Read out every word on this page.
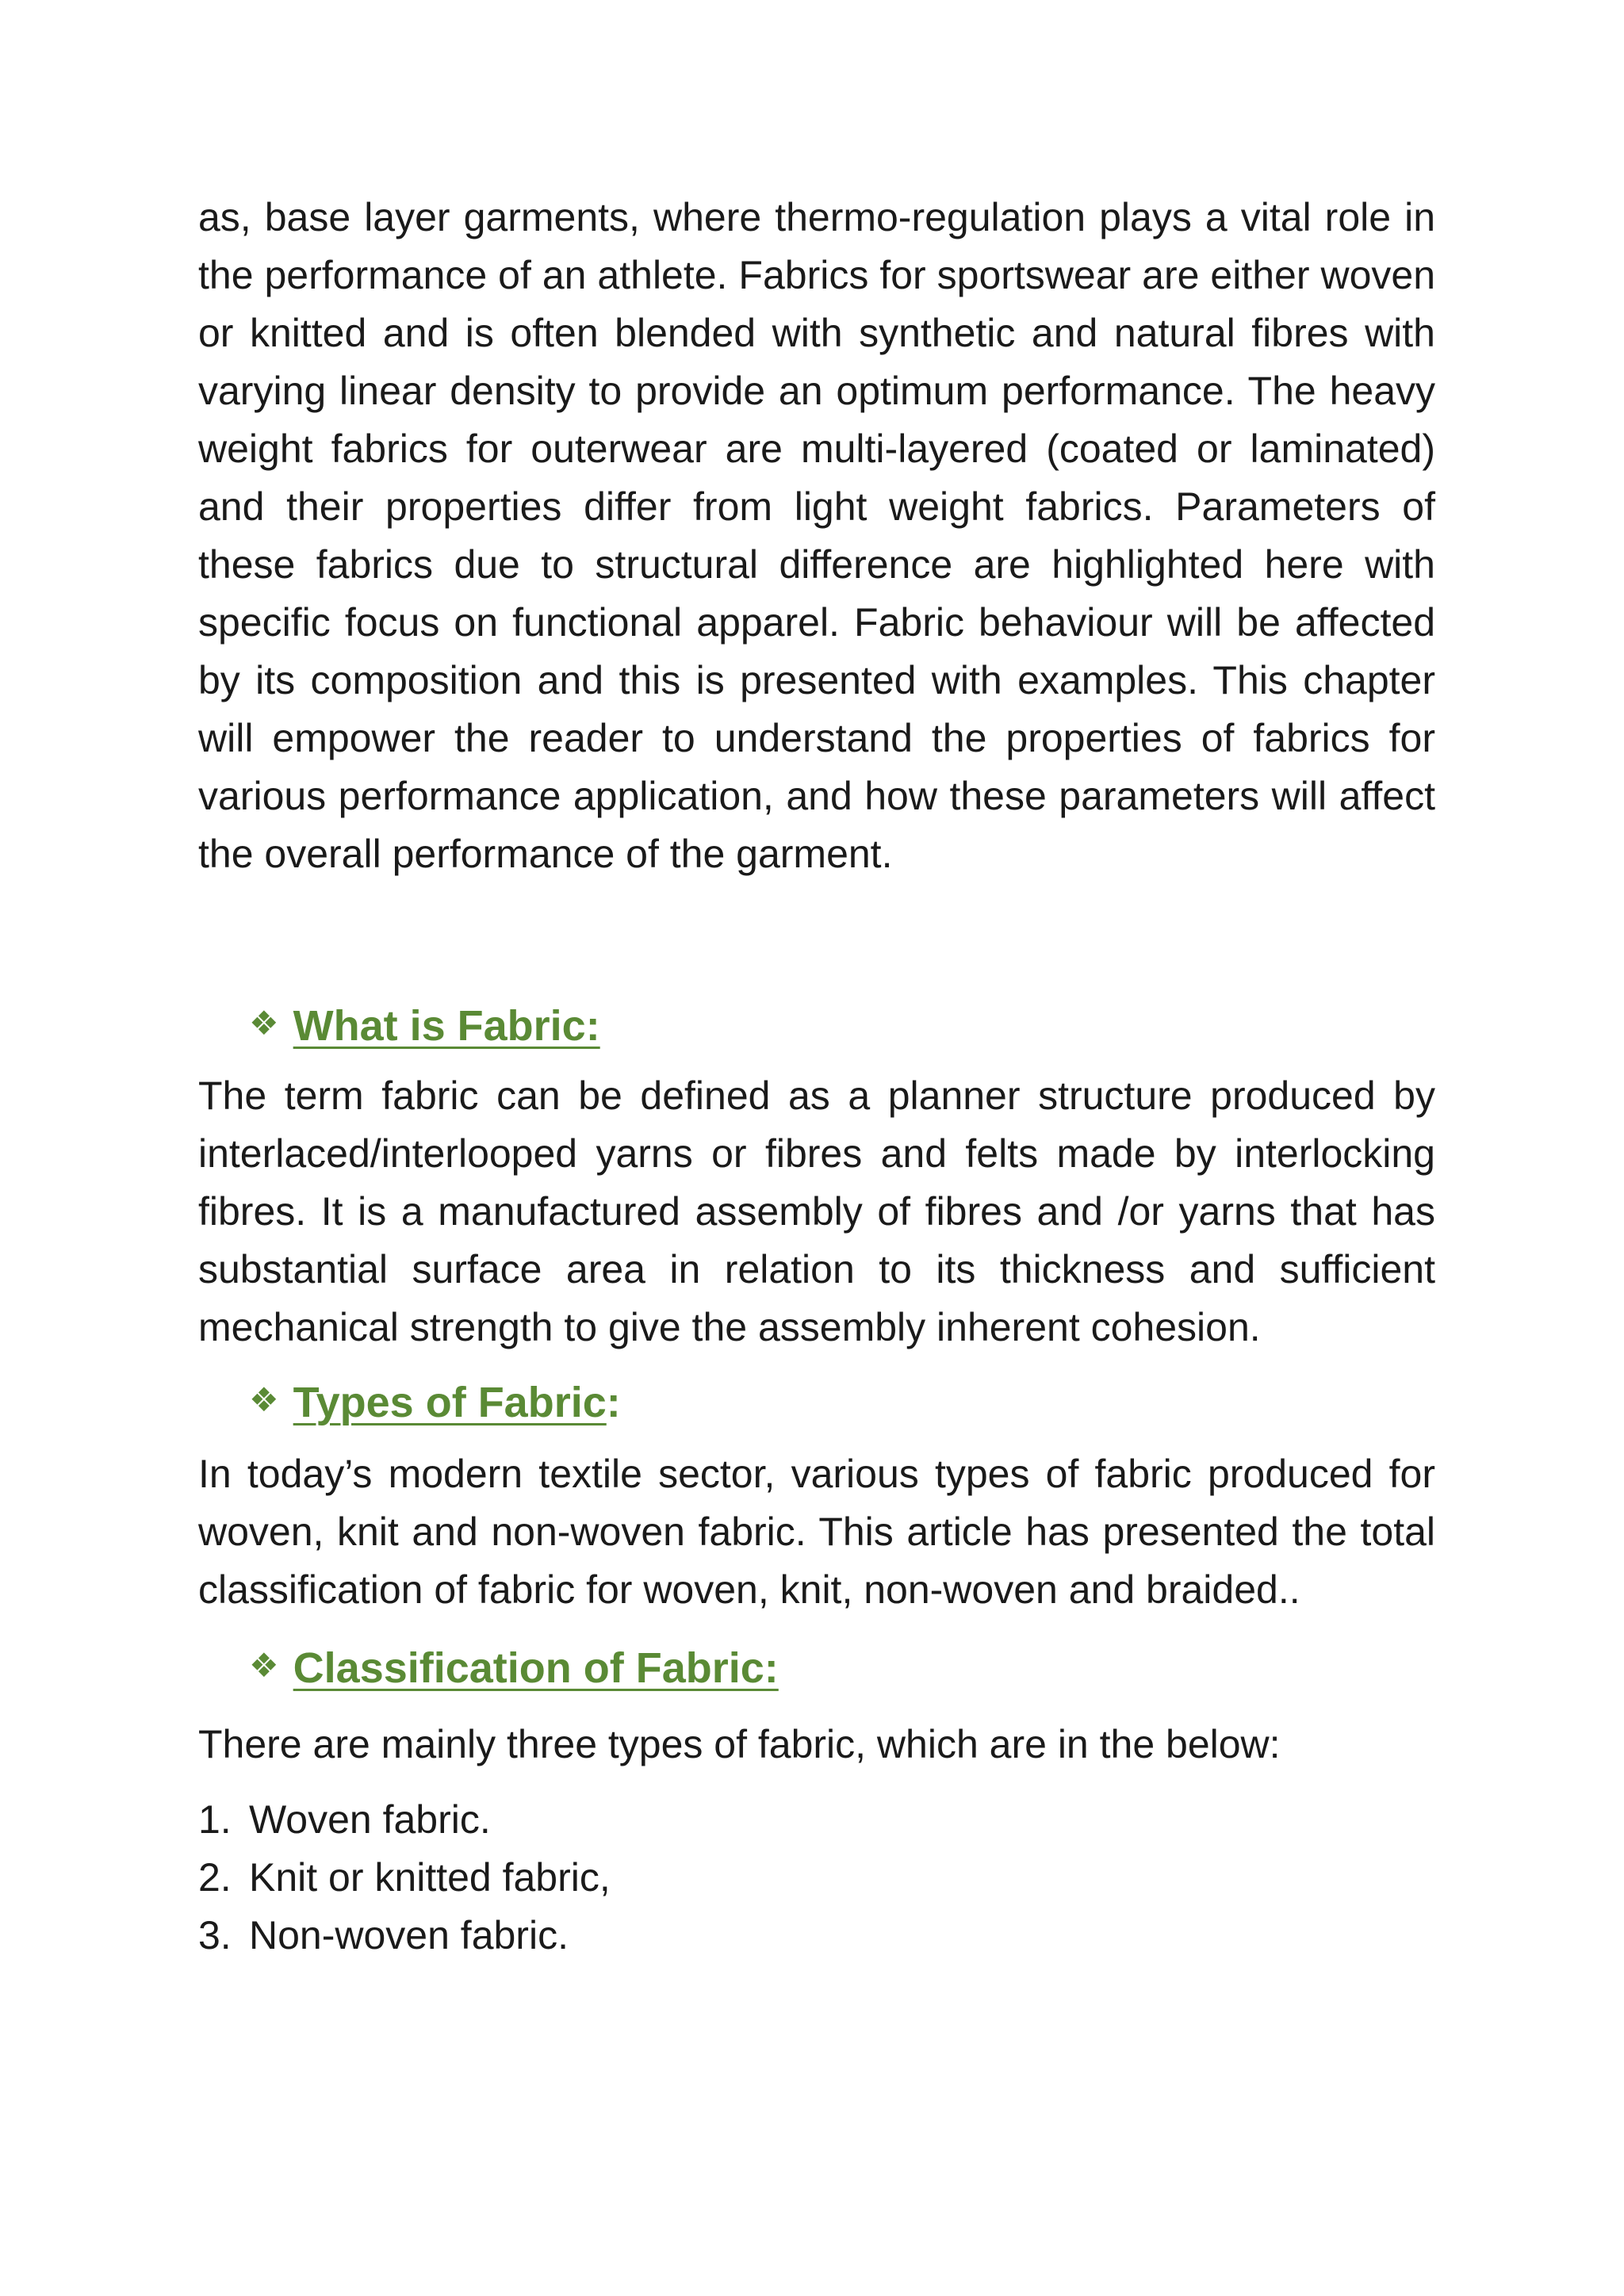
as, base layer garments, where thermo-regulation plays a vital role in the performance of an athlete. Fabrics for sportswear are either woven or knitted and is often blended with synthetic and natural fibres with varying linear density to provide an optimum performance. The heavy weight fabrics for outerwear are multi-layered (coated or laminated) and their properties differ from light weight fabrics. Parameters of these fabrics due to structural difference are highlighted here with specific focus on functional apparel. Fabric behaviour will be affected by its composition and this is presented with examples. This chapter will empower the reader to understand the properties of fabrics for various performance application, and how these parameters will affect the overall performance of the garment.

❖ What is Fabric:

The term fabric can be defined as a planner structure produced by interlaced/interlooped yarns or fibres and felts made by interlocking fibres. It is a manufactured assembly of fibres and /or yarns that has substantial surface area in relation to its thickness and sufficient mechanical strength to give the assembly inherent cohesion.

❖ Types of Fabric :

In today’s modern textile sector, various types of fabric produced for woven, knit and non-woven fabric. This article has presented the total classification of fabric for woven, knit, non-woven and braided..

❖ Classification of Fabric:

There are mainly three types of fabric, which are in the below:

1. Woven fabric.
2. Knit or knitted fabric,
3. Non-woven fabric.
